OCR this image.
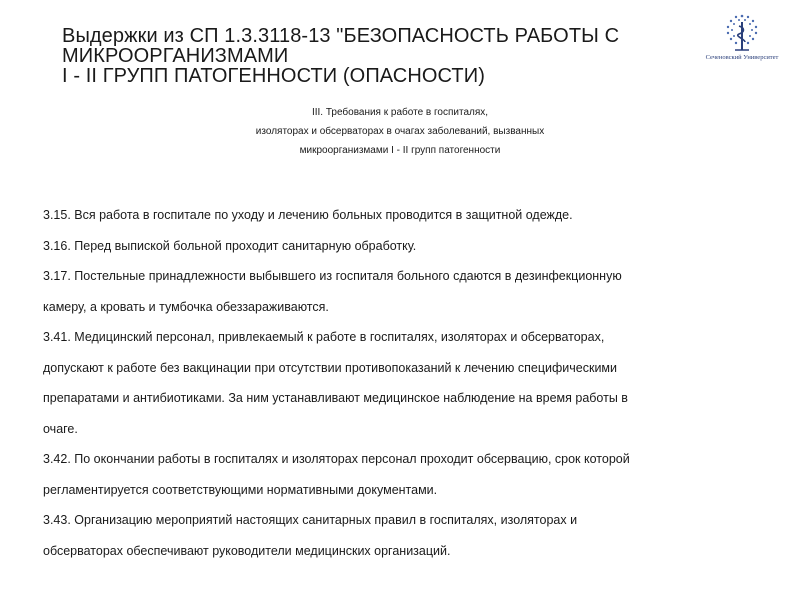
Выдержки из СП 1.3.3118-13 "БЕЗОПАСНОСТЬ РАБОТЫ С
МИКРООРГАНИЗМАМИ
I - II ГРУПП ПАТОГЕННОСТИ (ОПАСНОСТИ)
Сеченовский Университет
III. Требования к работе в госпиталях,
изоляторах и обсерваторах в очагах заболеваний, вызванных
микроорганизмами I - II групп патогенности
3.15. Вся работа в госпитале по уходу и лечению больных проводится в защитной одежде.
3.16. Перед выпиской больной проходит санитарную обработку.
3.17. Постельные принадлежности выбывшего из госпиталя больного сдаются в дезинфекционную
камеру, а кровать и тумбочка обеззараживаются.
3.41. Медицинский персонал, привлекаемый к работе в госпиталях, изоляторах и обсерваторах,
допускают к работе без вакцинации при отсутствии противопоказаний к лечению специфическими
препаратами и антибиотиками. За ним устанавливают медицинское наблюдение на время работы в
очаге.
3.42. По окончании работы в госпиталях и изоляторах персонал проходит обсервацию, срок которой
регламентируется соответствующими нормативными документами.
3.43. Организацию мероприятий настоящих санитарных правил в госпиталях, изоляторах и
обсерваторах обеспечивают руководители медицинских организаций.
